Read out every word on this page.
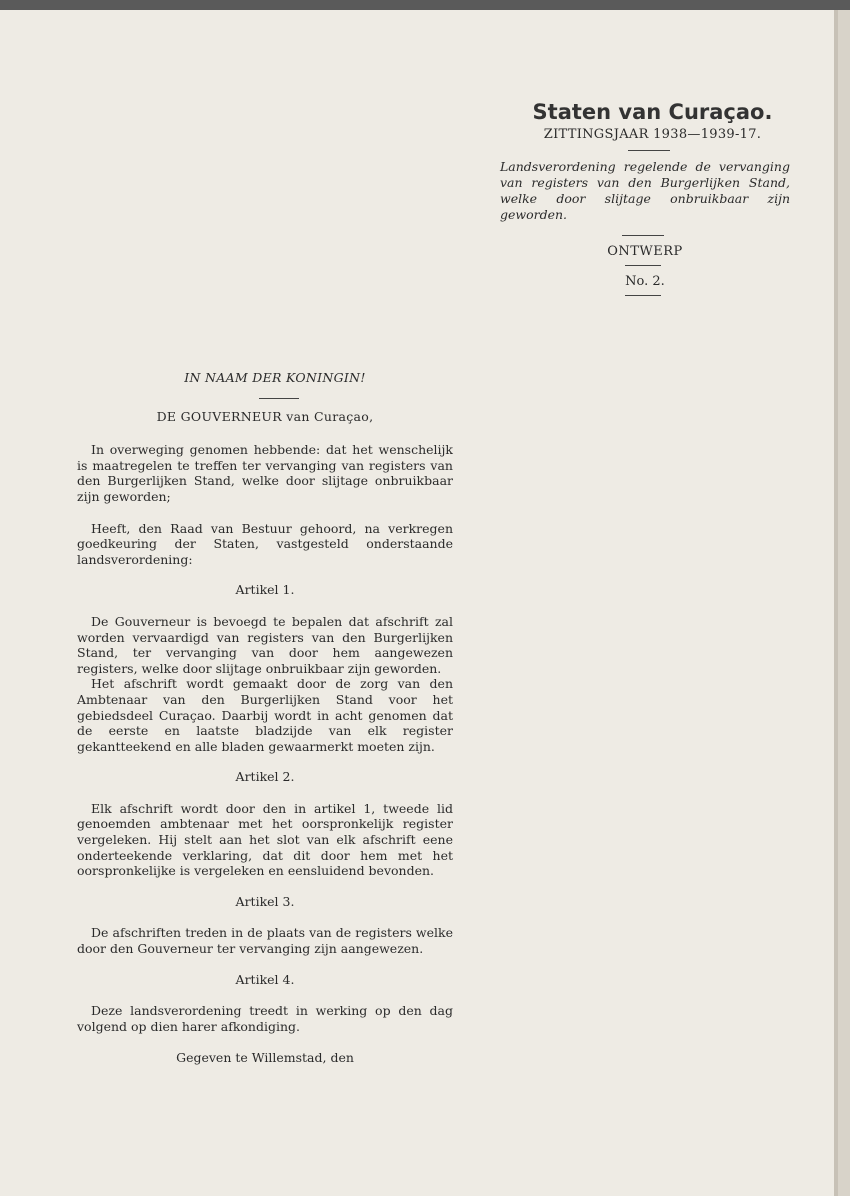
Staten van Curaçao.
ZITTINGSJAAR 1938—1939-17.
Landsverordening regelende de vervanging van registers van den Burgerlijken Stand, welke door slijtage onbruikbaar zijn geworden.
ONTWERP
No. 2.
IN NAAM DER KONINGIN!
DE GOUVERNEUR van Curaçao,

In overweging genomen hebbende: dat het wenschelijk is maatregelen te treffen ter vervanging van registers van den Burgerlijken Stand, welke door slijtage onbruikbaar zijn geworden;

Heeft, den Raad van Bestuur gehoord, na verkregen goedkeuring der Staten, vastgesteld onderstaande landsverordening:

Artikel 1.

De Gouverneur is bevoegd te bepalen dat afschrift zal worden vervaardigd van registers van den Burgerlijken Stand, ter vervanging van door hem aangewezen registers, welke door slijtage onbruikbaar zijn geworden.

Het afschrift wordt gemaakt door de zorg van den Ambtenaar van den Burgerlijken Stand voor het gebiedsdeel Curaçao. Daarbij wordt in acht genomen dat de eerste en laatste bladzijde van elk register gekantteekend en alle bladen gewaarmerkt moeten zijn.

Artikel 2.

Elk afschrift wordt door den in artikel 1, tweede lid genoemden ambtenaar met het oorspronkelijk register vergeleken. Hij stelt aan het slot van elk afschrift eene onderteekende verklaring, dat dit door hem met het oorspronkelijke is vergeleken en eensluidend bevonden.

Artikel 3.

De afschriften treden in de plaats van de registers welke door den Gouverneur ter vervanging zijn aangewezen.

Artikel 4.

Deze landsverordening treedt in werking op den dag volgend op dien harer afkondiging.

Gegeven te Willemstad, den
